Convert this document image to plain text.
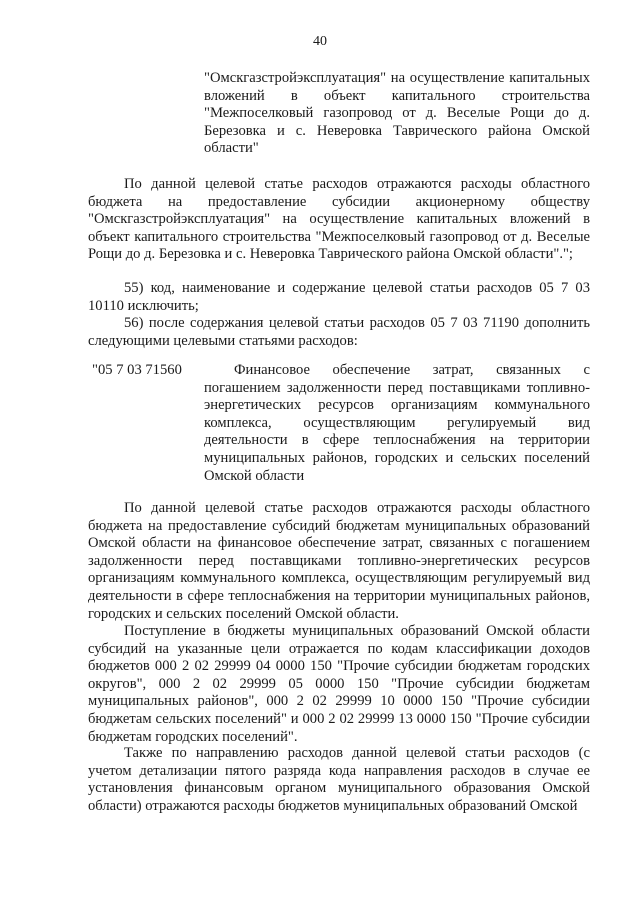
40

"Омскгазстройэксплуатация" на осуществление капитальных вложений в объект капитального строительства "Межпоселковый газопровод от д. Веселые Рощи до д. Березовка и с. Неверовка Таврического района Омской области"

По данной целевой статье расходов отражаются расходы областного бюджета на предоставление субсидии акционерному обществу "Омскгазстройэксплуатация" на осуществление капитальных вложений в объект капитального строительства "Межпоселковый газопровод от д. Веселые Рощи до д. Березовка и с. Неверовка Таврического района Омской области".";

55) код, наименование и содержание целевой статьи расходов 05 7 03 10110 исключить;

56) после содержания целевой статьи расходов 05 7 03 71190 дополнить следующими целевыми статьями расходов:

"05 7 03 71560	Финансовое обеспечение затрат, связанных с погашением задолженности перед поставщиками топливно-энергетических ресурсов организациям коммунального комплекса, осуществляющим регулируемый вид деятельности в сфере теплоснабжения на территории муниципальных районов, городских и сельских поселений Омской области

По данной целевой статье расходов отражаются расходы областного бюджета на предоставление субсидий бюджетам муниципальных образований Омской области на финансовое обеспечение затрат, связанных с погашением задолженности перед поставщиками топливно-энергетических ресурсов организациям коммунального комплекса, осуществляющим регулируемый вид деятельности в сфере теплоснабжения на территории муниципальных районов, городских и сельских поселений Омской области.

Поступление в бюджеты муниципальных образований Омской области субсидий на указанные цели отражается по кодам классификации доходов бюджетов 000 2 02 29999 04 0000 150 "Прочие субсидии бюджетам городских округов", 000 2 02 29999 05 0000 150 "Прочие субсидии бюджетам муниципальных районов", 000 2 02 29999 10 0000 150 "Прочие субсидии бюджетам сельских поселений" и 000 2 02 29999 13 0000 150 "Прочие субсидии бюджетам городских поселений".

Также по направлению расходов данной целевой статьи расходов (с учетом детализации пятого разряда кода направления расходов в случае ее установления финансовым органом муниципального образования Омской области) отражаются расходы бюджетов муниципальных образований Омской
